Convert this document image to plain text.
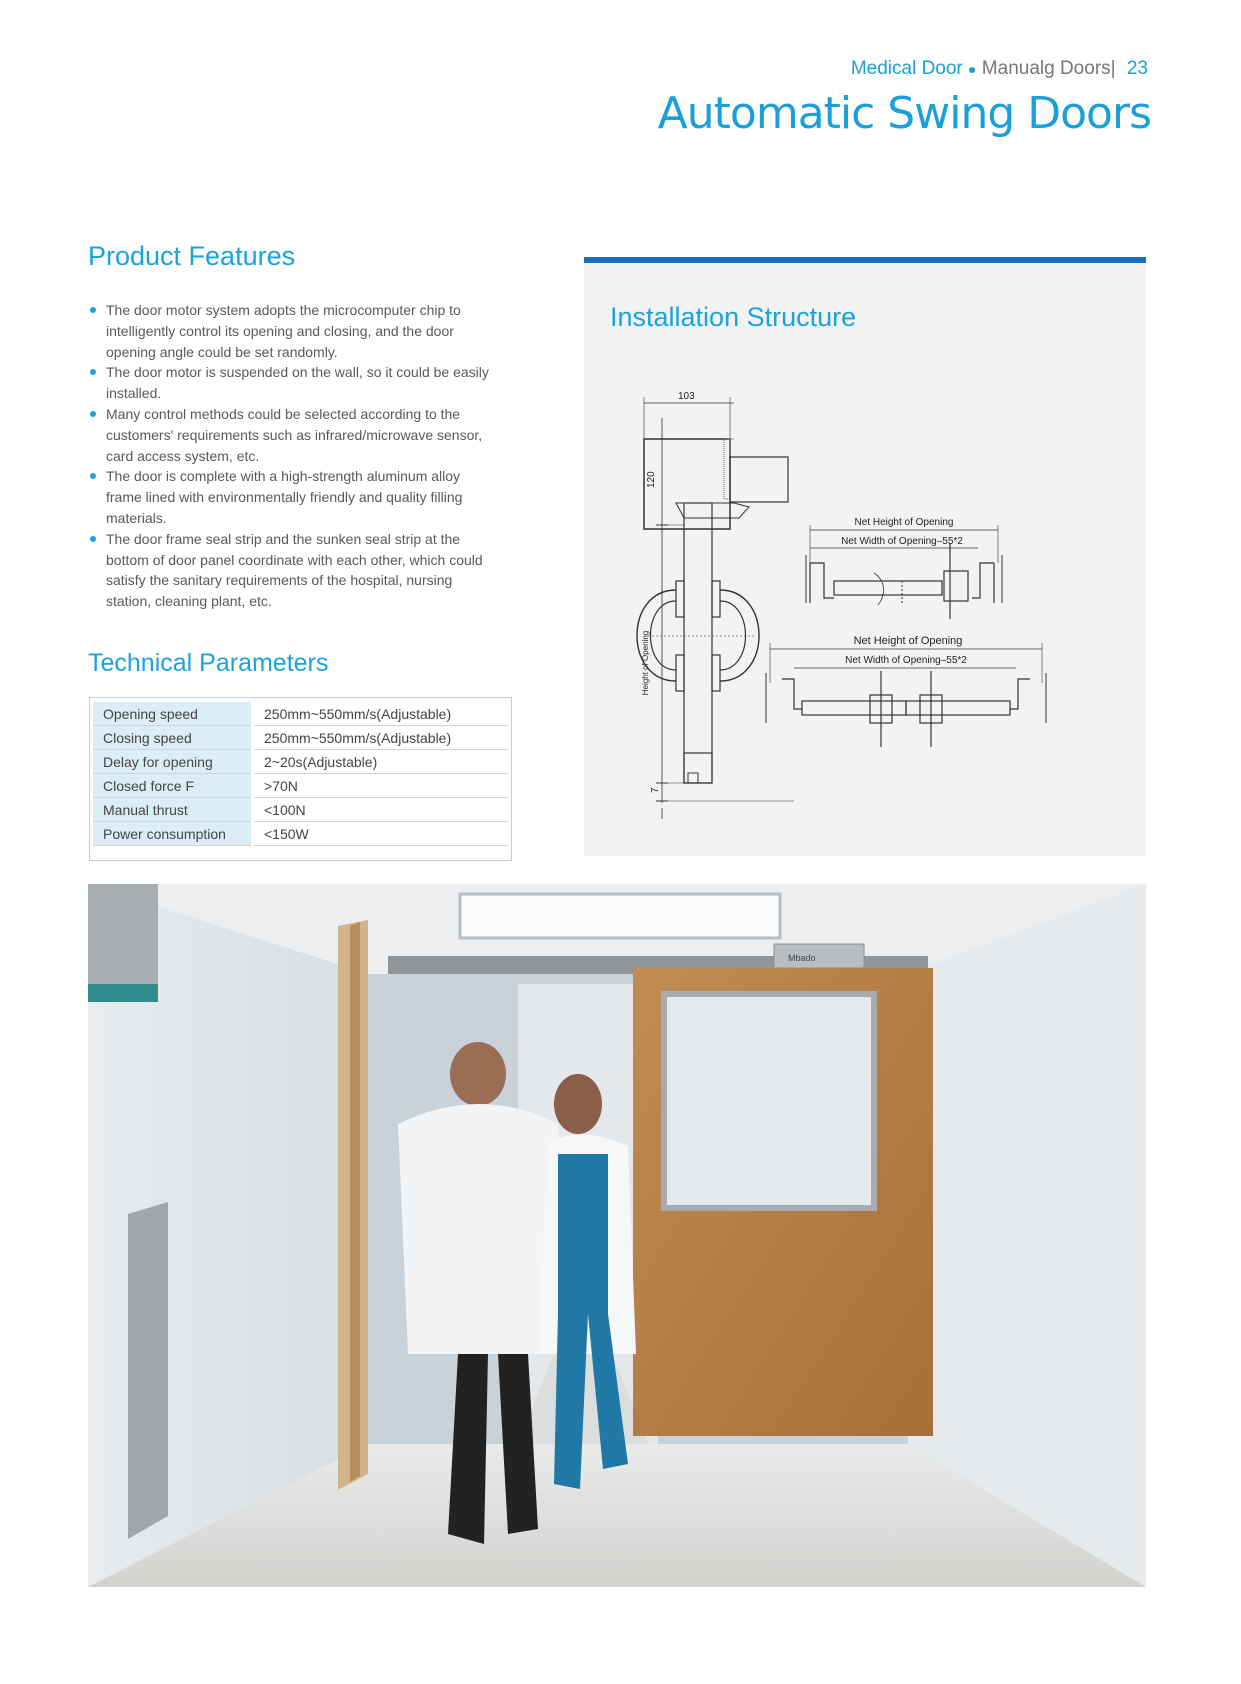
Medical Door ● Manualg Doors| 23
Automatic Swing Doors
Product Features
The door motor system adopts the microcomputer chip to intelligently control its opening and closing, and the door opening angle could be set randomly.
The door motor is suspended on the wall, so it could be easily installed.
Many control methods could be selected according to the customers' requirements such as infrared/microwave sensor, card access system, etc.
The door is complete with a high-strength aluminum alloy frame lined with environmentally friendly and quality filling materials.
The door frame seal strip and the sunken seal strip at the bottom of door panel coordinate with each other, which could satisfy the sanitary requirements of the hospital, nursing station, cleaning plant, etc.
Technical Parameters
Opening speed	250mm~550mm/s(Adjustable)
Closing speed	250mm~550mm/s(Adjustable)
Delay for opening	2~20s(Adjustable)
Closed force F	>70N
Manual thrust	<100N
Power consumption	<150W
Installation Structure
120
Height of Opening
7
103
Net Height of Opening
Net Width of Opening–55*2
Net Height of Opening
Net Width of Opening–55*2
Mbado
